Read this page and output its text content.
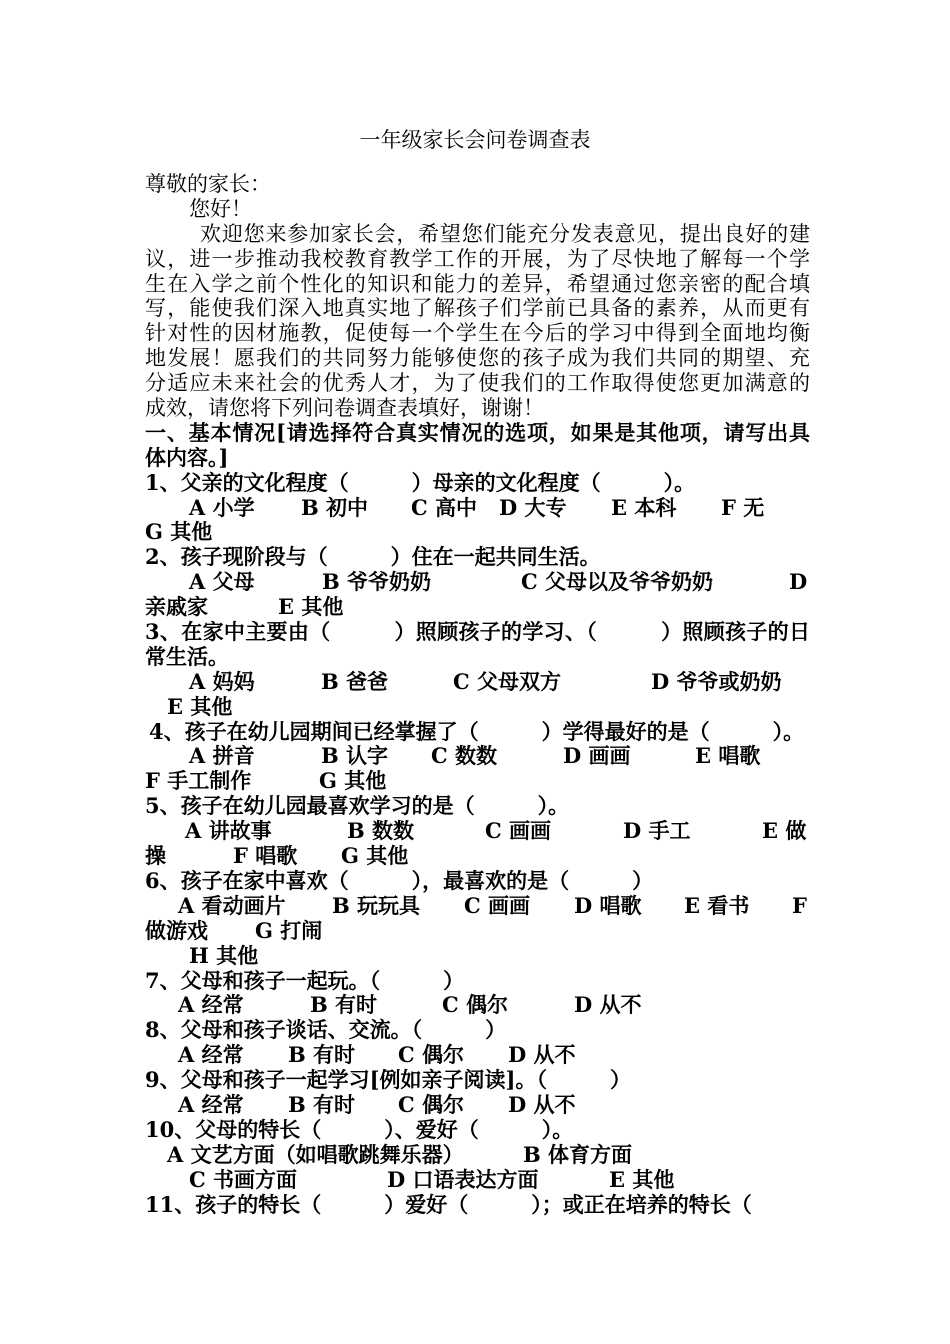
一年级家长会问卷调查表
尊敬的家长：
您好！
欢迎您来参加家长会，希望您们能充分发表意见，提出良好的建
议，进一步推动我校教育教学工作的开展，为了尽快地了解每一个学
生在入学之前个性化的知识和能力的差异，希望通过您亲密的配合填
写，能使我们深入地真实地了解孩子们学前已具备的素养，从而更有
针对性的因材施教，促使每一个学生在今后的学习中得到全面地均衡
地发展！愿我们的共同努力能够使您的孩子成为我们共同的期望、充
分适应未来社会的优秀人才，为了使我们的工作取得使您更加满意的
成效，请您将下列问卷调查表填好，谢谢！
一、基本情况[请选择符合真实情况的选项，如果是其他项，请写出具
体内容。]
1、父亲的文化程度（　　　）母亲的文化程度（　　　）。
A 小学 B 初中 C 高中 D 大专 E 本科 F 无
G 其他
2、孩子现阶段与（　　　）住在一起共同生活。
A 父母	B 爷爷奶奶	C 父母以及爷爷奶奶	D
亲戚家	E 其他
3、在家中主要由（　　　）照顾孩子的学习、（　　　）照顾孩子的日
常生活。
A 妈妈	B 爸爸	C 父母双方	D 爷爷或奶奶
E 其他
4、孩子在幼儿园期间已经掌握了（　　　）学得最好的是（　　　）。
A 拼音	B 认字 C 数数	D 画画	E 唱歌
F 手工制作	G 其他
5、孩子在幼儿园最喜欢学习的是（　　　）。
A 讲故事	B 数数	C 画画	D 手工	E 做
操	F 唱歌 G 其他
6、孩子在家中喜欢（　　　），最喜欢的是（　　　）
A 看动画片 B 玩玩具 C 画画 D 唱歌 E 看书 F
做游戏 G 打闹
H 其他
7、父母和孩子一起玩。（　　　）
A 经常	B 有时	C 偶尔	D 从不
8、父母和孩子谈话、交流。（　　　）
A 经常 B 有时 C 偶尔 D 从不
9、父母和孩子一起学习[例如亲子阅读]。（　　　）
A 经常 B 有时 C 偶尔 D 从不
10、父母的特长（　　　）、爱好（　　　）。
A 文艺方面（如唱歌跳舞乐器）	B 体育方面
C 书画方面	D 口语表达方面	E 其他
11、孩子的特长（　　　）爱好（　　　）；或正在培养的特长（
